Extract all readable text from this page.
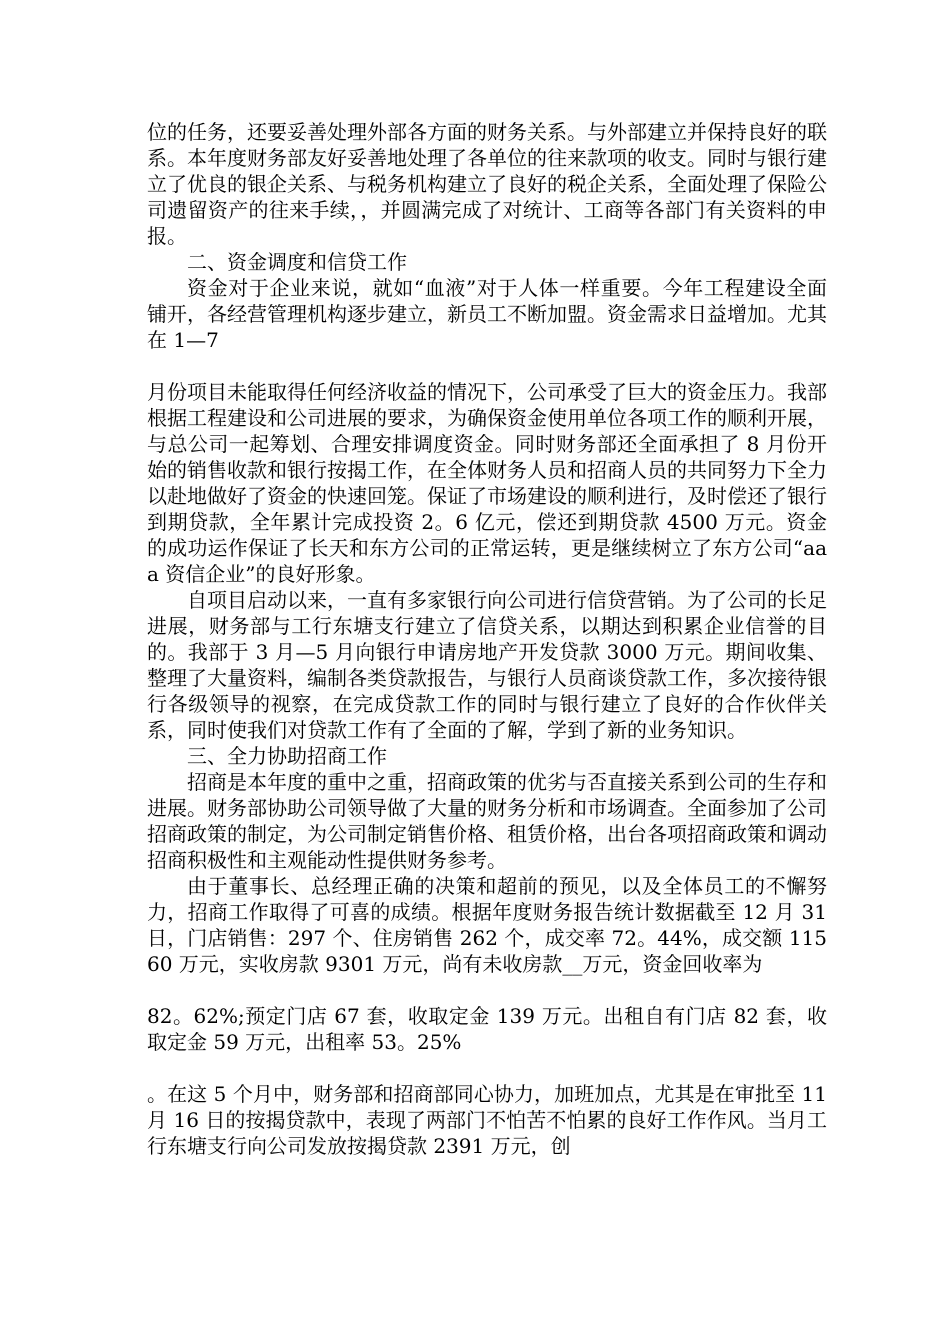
位的任务，还要妥善处理外部各方面的财务关系。与外部建立并保持良好的联系。本年度财务部友好妥善地处理了各单位的往来款项的收支。同时与银行建立了优良的银企关系、与税务机构建立了良好的税企关系，全面处理了保险公司遗留资产的往来手续，，并圆满完成了对统计、工商等各部门有关资料的申报。

二、资金调度和信贷工作

资金对于企业来说，就如“血液”对于人体一样重要。今年工程建设全面铺开，各经营管理机构逐步建立，新员工不断加盟。资金需求日益增加。尤其在 1—7

月份项目未能取得任何经济收益的情况下，公司承受了巨大的资金压力。我部根据工程建设和公司进展的要求，为确保资金使用单位各项工作的顺利开展，与总公司一起筹划、合理安排调度资金。同时财务部还全面承担了 8 月份开始的销售收款和银行按揭工作，在全体财务人员和招商人员的共同努力下全力以赴地做好了资金的快速回笼。保证了市场建设的顺利进行，及时偿还了银行到期贷款，全年累计完成投资 2。6 亿元，偿还到期贷款 4500 万元。资金的成功运作保证了长天和东方公司的正常运转，更是继续树立了东方公司“aaa 资信企业”的良好形象。

自项目启动以来，一直有多家银行向公司进行信贷营销。为了公司的长足进展，财务部与工行东塘支行建立了信贷关系，以期达到积累企业信誉的目的。我部于 3 月—5 月向银行申请房地产开发贷款 3000 万元。期间收集、整理了大量资料，编制各类贷款报告，与银行人员商谈贷款工作，多次接待银行各级领导的视察，在完成贷款工作的同时与银行建立了良好的合作伙伴关系，同时使我们对贷款工作有了全面的了解，学到了新的业务知识。

三、全力协助招商工作

招商是本年度的重中之重，招商政策的优劣与否直接关系到公司的生存和进展。财务部协助公司领导做了大量的财务分析和市场调查。全面参加了公司招商政策的制定，为公司制定销售价格、租赁价格，出台各项招商政策和调动招商积极性和主观能动性提供财务参考。

由于董事长、总经理正确的决策和超前的预见，以及全体员工的不懈努力，招商工作取得了可喜的成绩。根据年度财务报告统计数据截至 12 月 31 日，门店销售：297 个、住房销售 262 个，成交率 72。44%，成交额 11560 万元，实收房款 9301 万元，尚有未收房款__万元，资金回收率为

82。62%;预定门店 67 套，收取定金 139 万元。出租自有门店 82 套，收取定金 59 万元，出租率 53。25%

。在这 5 个月中，财务部和招商部同心协力，加班加点，尤其是在审批至 11 月 16 日的按揭贷款中，表现了两部门不怕苦不怕累的良好工作作风。当月工行东塘支行向公司发放按揭贷款 2391 万元，创
